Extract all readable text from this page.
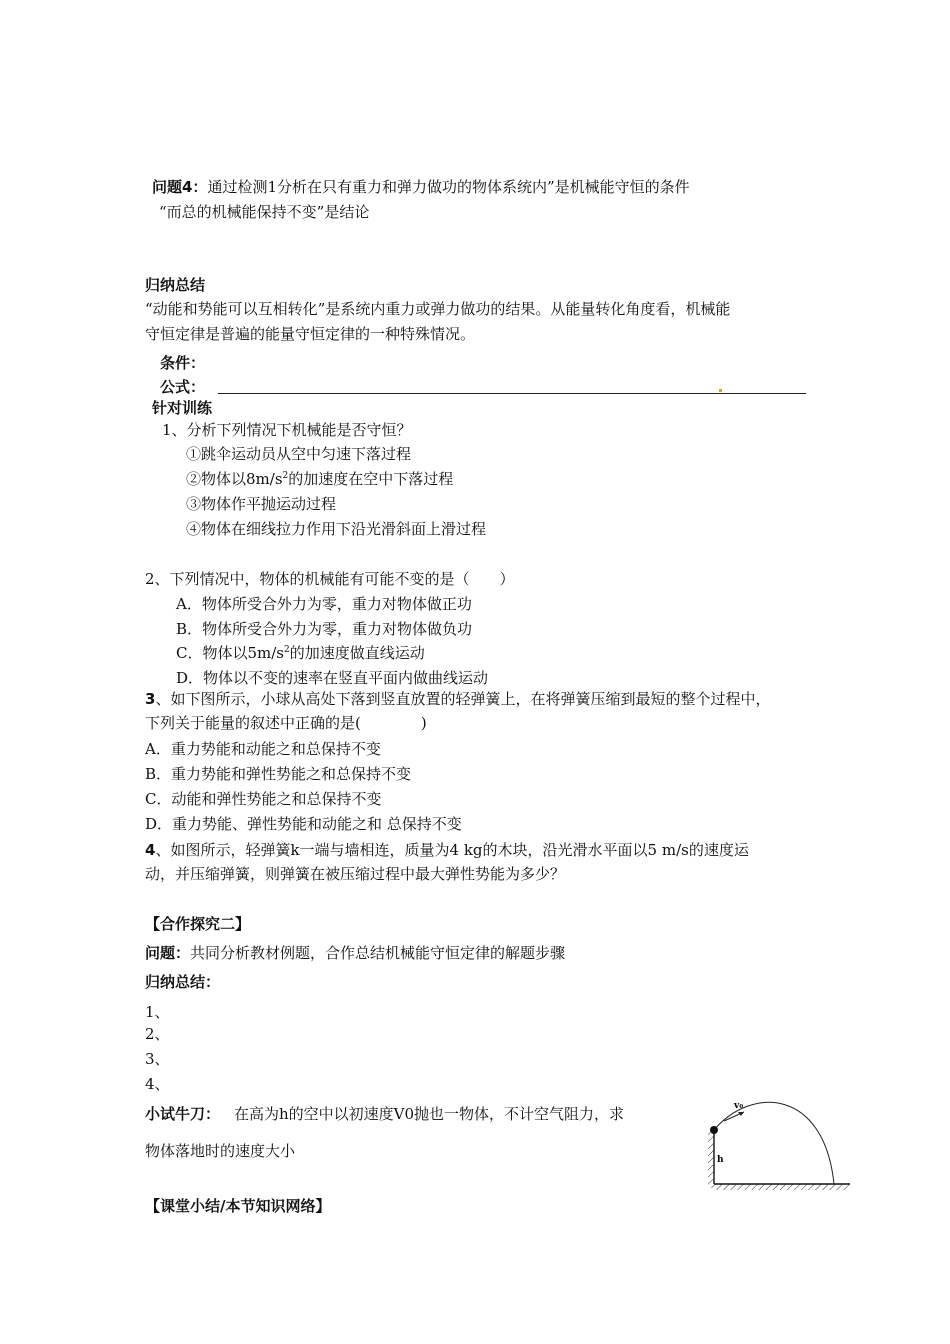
问题4：通过检测1分析在只有重力和弹力做功的物体系统内”是机械能守恒的条件
“而总的机械能保持不变”是结论
归纳总结
“动能和势能可以互相转化”是系统内重力或弹力做功的结果。从能量转化角度看，机械能
守恒定律是普遍的能量守恒定律的一种特殊情况。
条件：
公式：
针对训练
1、分析下列情况下机械能是否守恒？
①跳伞运动员从空中匀速下落过程
②物体以$8m/s^2$的加速度在空中下落过程
③物体作平抛运动过程
④物体在细线拉力作用下沿光滑斜面上滑过程
2、下列情况中，物体的机械能有可能不变的是（　　）
A．物体所受合外力为零，重力对物体做正功
B．物体所受合外力为零，重力对物体做负功
C．物体以$5m/s^2$的加速度做直线运动
D．物体以不变的速率在竖直平面内做曲线运动
3、如下图所示，小球从高处下落到竖直放置的轻弹簧上，在将弹簧压缩到最短的整个过程中，
下列关于能量的叙述中正确的是(　　　　)
A．重力势能和动能之和总保持不变
B．重力势能和弹性势能之和总保持不变
C．动能和弹性势能之和总保持不变
D．重力势能、弹性势能和动能之和 总保持不变
4、如图所示，轻弹簧k一端与墙相连，质量为4 kg的木块，沿光滑水平面以5 m/s的速度运
动，并压缩弹簧，则弹簧在被压缩过程中最大弹性势能为多少？
【合作探究二】
问题：共同分析教材例题，合作总结机械能守恒定律的解题步骤
归纳总结：
1、
2、
3、
4、
小试牛刀： 在高为h的空中以初速度V0抛也一物体，不计空气阻力，求
物体落地时的速度大小
v₀
h
【课堂小结/本节知识网络】
